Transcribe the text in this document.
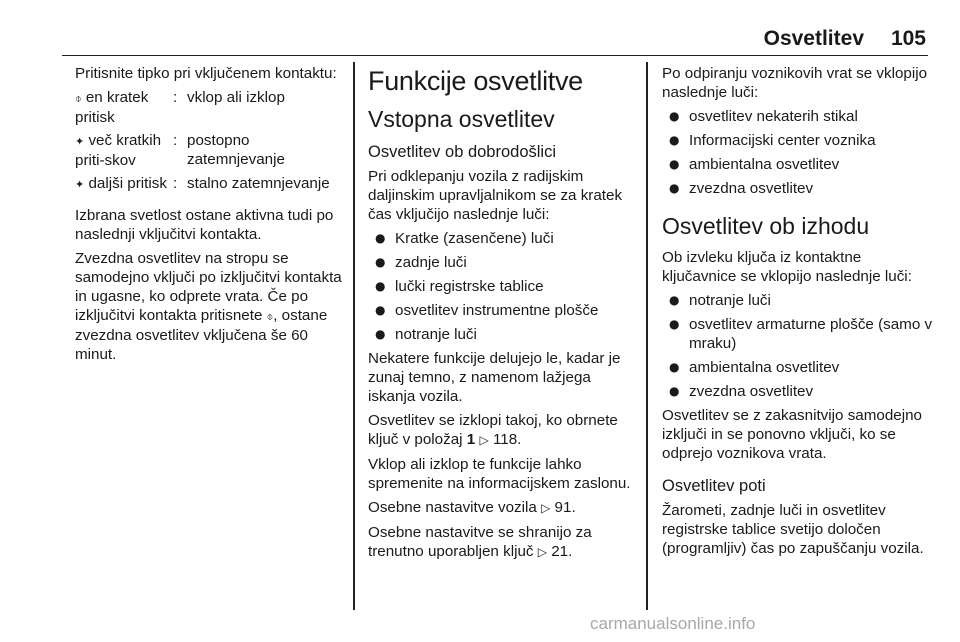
Osvetlitev 105

Pritisnite tipko pri vključenem kontaktu:

⌽ en kratek pritisk
: vklop ali izklop
✦ več kratkih priti-skov
: postopno zatemnjevanje
✦ daljši pritisk : stalno zatemnjevanje

Izbrana svetlost ostane aktivna tudi po naslednji vključitvi kontakta.

Zvezdna osvetlitev na stropu se samodejno vključi po izključitvi kontakta in ugasne, ko odprete vrata. Če po izključitvi kontakta pritisnete ⌽, ostane zvezdna osvetlitev vključena še 60 minut.

Funkcije osvetlitve
Vstopna osvetlitev
Osvetlitev ob dobrodošlici

Pri odklepanju vozila z radijskim daljinskim upravljalnikom se za kratek čas vključijo naslednje luči:

● Kratke (zasenčene) luči
● zadnje luči
● lučki registrske tablice
● osvetlitev instrumentne plošče
● notranje luči

Nekatere funkcije delujejo le, kadar je zunaj temno, z namenom lažjega iskanja vozila.

Osvetlitev se izklopi takoj, ko obrnete ključ v položaj 1 ▷ 118.

Vklop ali izklop te funkcije lahko spremenite na informacijskem zaslonu.

Osebne nastavitve vozila ▷ 91.

Osebne nastavitve se shranijo za trenutno uporabljen ključ ▷ 21.

Po odpiranju voznikovih vrat se vklopijo naslednje luči:

● osvetlitev nekaterih stikal
● Informacijski center voznika
● ambientalna osvetlitev
● zvezdna osvetlitev
Osvetlitev ob izhodu

Ob izvleku ključa iz kontaktne ključavnice se vklopijo naslednje luči:

● notranje luči
● osvetlitev armaturne plošče (samo v mraku)
● ambientalna osvetlitev
● zvezdna osvetlitev

Osvetlitev se z zakasnitvijo samodejno izključi in se ponovno vključi, ko se odprejo voznikova vrata.

Osvetlitev poti

Žarometi, zadnje luči in osvetlitev registrske tablice svetijo določen (programljiv) čas po zapuščanju vozila.

carmanualsonline.info
